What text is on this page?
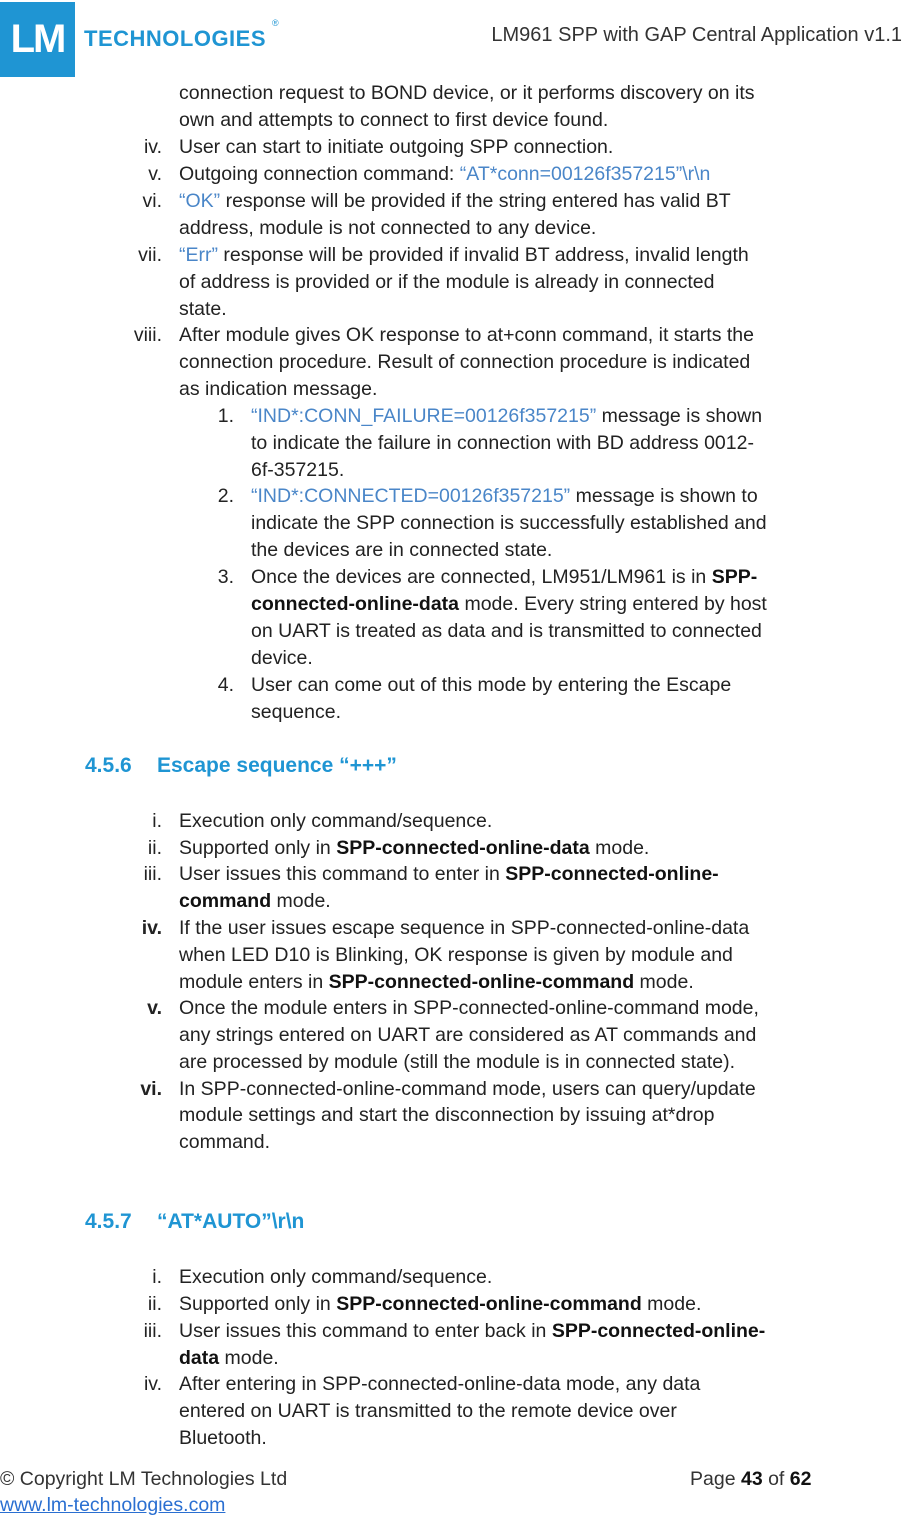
LM TECHNOLOGIES
®
LM961 SPP with GAP Central Application v1.1
connection request to BOND device, or it performs discovery on its
own and attempts to connect to first device found.
iv. User can start to initiate outgoing SPP connection.
v. Outgoing connection command: “AT*conn=00126f357215”\r\n
vi. “OK” response will be provided if the string entered has valid BT
address, module is not connected to any device.
vii. “Err” response will be provided if invalid BT address, invalid length
of address is provided or if the module is already in connected
state.
viii. After module gives OK response to at+conn command, it starts the
connection procedure. Result of connection procedure is indicated
as indication message.
1. “IND*:CONN_FAILURE=00126f357215” message is shown
to indicate the failure in connection with BD address 0012-
6f-357215.
2. “IND*:CONNECTED=00126f357215” message is shown to
indicate the SPP connection is successfully established and
the devices are in connected state.
3. Once the devices are connected, LM951/LM961 is in SPP-
connected-online-data mode. Every string entered by host
on UART is treated as data and is transmitted to connected
device.
4. User can come out of this mode by entering the Escape
sequence.
4.5.6 Escape sequence “+++”
i. Execution only command/sequence.
ii. Supported only in SPP-connected-online-data mode.
iii. User issues this command to enter in SPP-connected-online-
command mode.
iv. If the user issues escape sequence in SPP-connected-online-data
when LED D10 is Blinking, OK response is given by module and
module enters in SPP-connected-online-command mode.
v. Once the module enters in SPP-connected-online-command mode,
any strings entered on UART are considered as AT commands and
are processed by module (still the module is in connected state).
vi. In SPP-connected-online-command mode, users can query/update
module settings and start the disconnection by issuing at*drop
command.
4.5.7 “AT*AUTO”\r\n
i. Execution only command/sequence.
ii. Supported only in SPP-connected-online-command mode.
iii. User issues this command to enter back in SPP-connected-online-
data mode.
iv. After entering in SPP-connected-online-data mode, any data
entered on UART is transmitted to the remote device over
Bluetooth.
© Copyright LM Technologies Ltd
www.lm-technologies.com
Page 43 of 62
